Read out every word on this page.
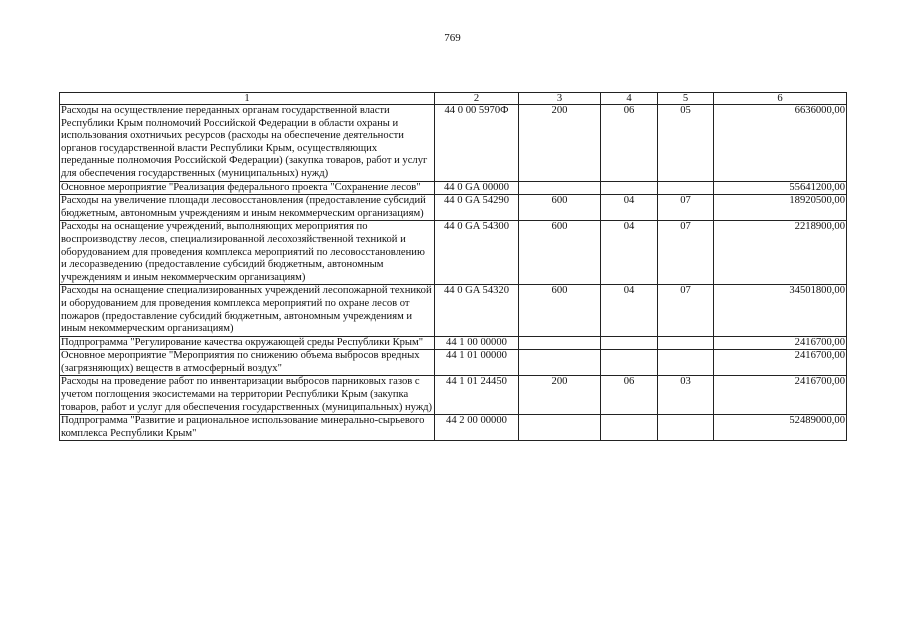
769
1	2	3	4	5	6
Расходы на осуществление переданных органам государственной власти Республики Крым полномочий Российской Федерации в области охраны и использования охотничьих ресурсов (расходы на обеспечение деятельности органов государственной власти Республики Крым, осуществляющих переданные полномочия Российской Федерации) (закупка товаров, работ и услуг для обеспечения государственных (муниципальных) нужд)	44 0 00 5970Ф	200	06	05	6636000,00
Основное мероприятие "Реализация федерального проекта "Сохранение лесов"	44 0 GA 00000				55641200,00
Расходы на увеличение площади лесовосстановления (предоставление субсидий бюджетным, автономным учреждениям и иным некоммерческим организациям)	44 0 GA 54290	600	04	07	18920500,00
Расходы на оснащение учреждений, выполняющих мероприятия по воспроизводству лесов, специализированной лесохозяйственной техникой и оборудованием для проведения комплекса мероприятий по лесовосстановлению и лесоразведению (предоставление субсидий бюджетным, автономным учреждениям и иным некоммерческим организациям)	44 0 GA 54300	600	04	07	2218900,00
Расходы на оснащение специализированных учреждений лесопожарной техникой и оборудованием для проведения комплекса мероприятий по охране лесов от пожаров (предоставление субсидий бюджетным, автономным учреждениям и иным некоммерческим организациям)	44 0 GA 54320	600	04	07	34501800,00
Подпрограмма "Регулирование качества окружающей среды Республики Крым"	44 1 00 00000				2416700,00
Основное мероприятие "Мероприятия по снижению объема выбросов вредных (загрязняющих) веществ в атмосферный воздух"	44 1 01 00000				2416700,00
Расходы на проведение работ по инвентаризации выбросов парниковых газов с учетом поглощения экосистемами на территории Республики Крым (закупка товаров, работ и услуг для обеспечения государственных (муниципальных) нужд)	44 1 01 24450	200	06	03	2416700,00
Подпрограмма "Развитие и рациональное использование минерально-сырьевого комплекса Республики Крым"	44 2 00 00000				52489000,00
